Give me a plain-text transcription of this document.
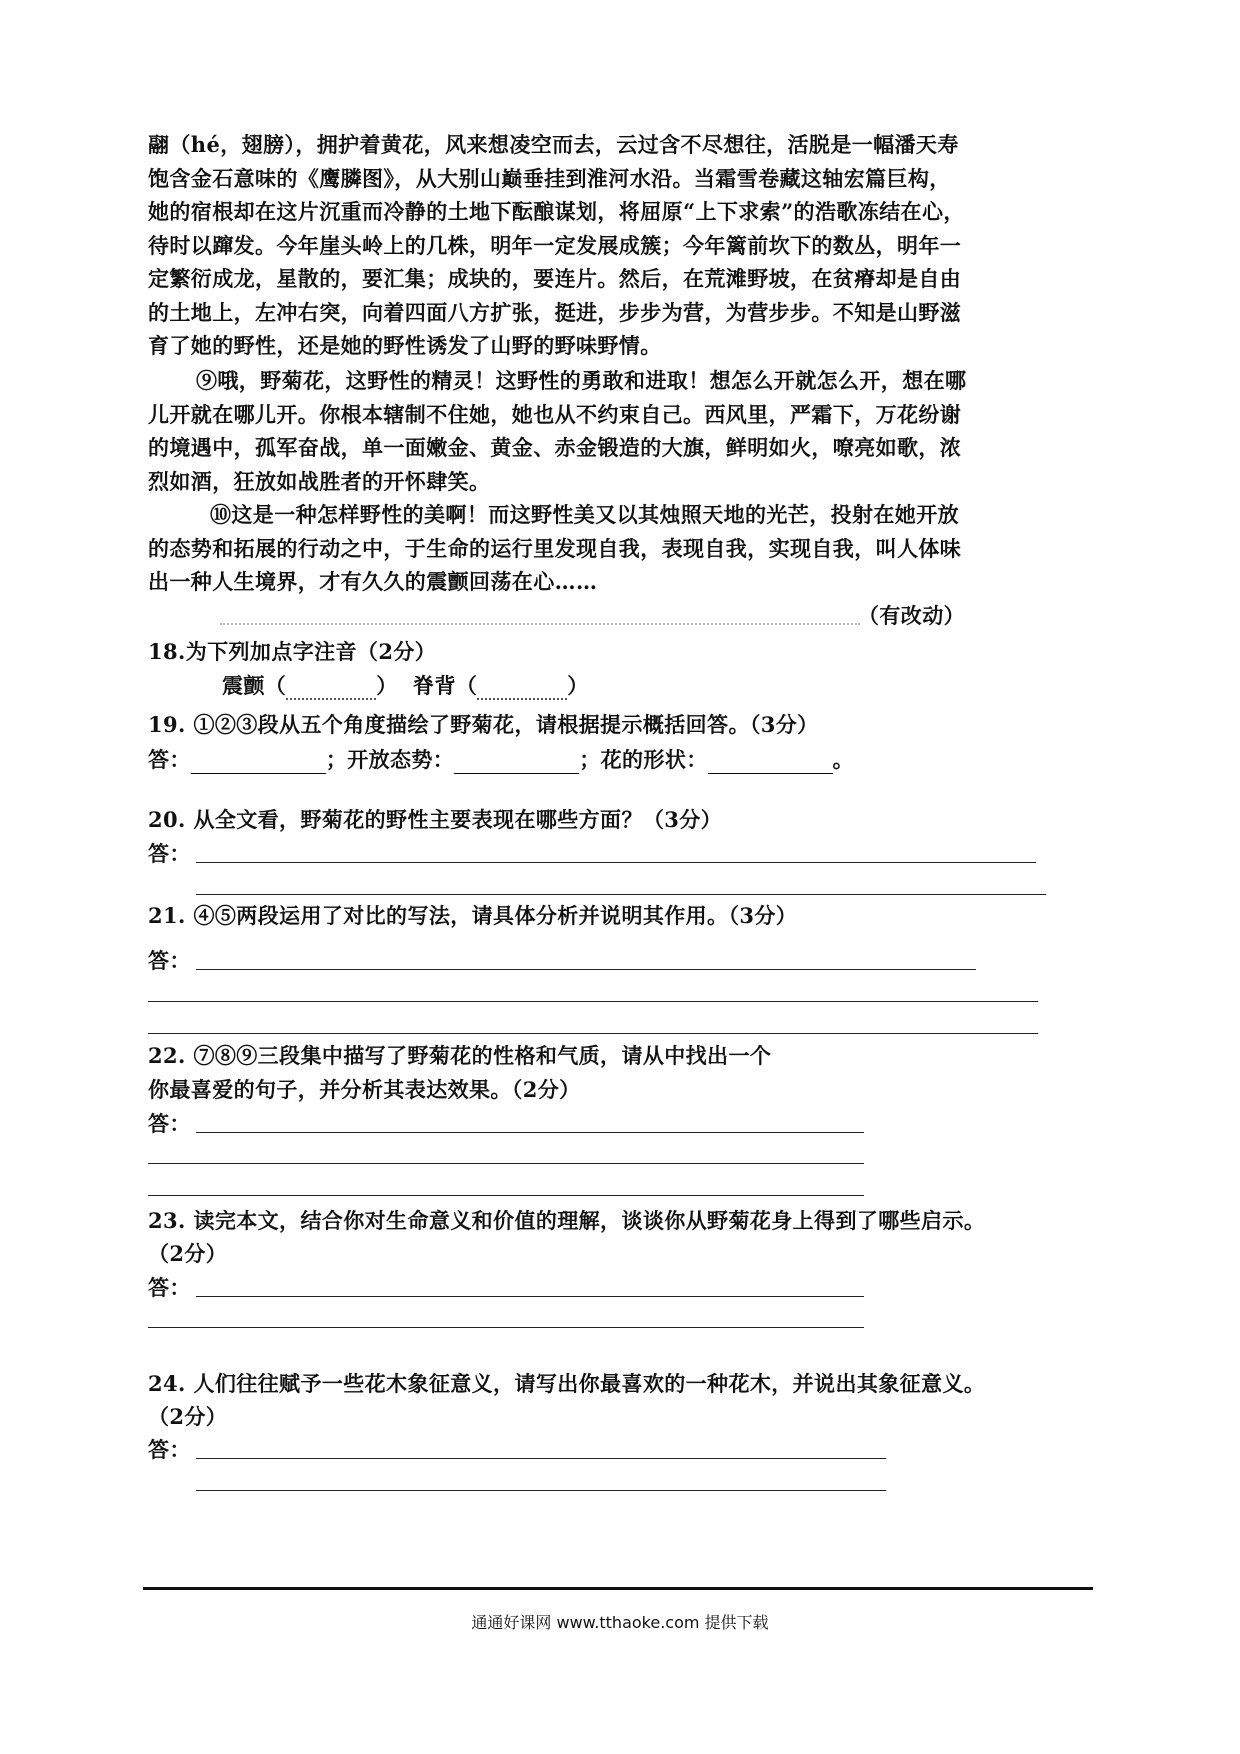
翮（hé，翅膀），拥护着黄花，风来想凌空而去，云过含不尽想往，活脱是一幅潘天寿
饱含金石意味的《鹰膦图》，从大别山巅垂挂到淮河水沿。当霜雪卷藏这轴宏篇巨构，
她的宿根却在这片沉重而冷静的土地下酝酿谋划，将屈原“上下求索”的浩歌冻结在心，
待时以蹿发。今年崖头岭上的几株，明年一定发展成簇；今年篱前坎下的数丛，明年一
定繁衍成龙，星散的，要汇集；成块的，要连片。然后，在荒滩野坡，在贫瘠却是自由
的土地上，左冲右突，向着四面八方扩张，挺进，步步为营，为营步步。不知是山野滋
育了她的野性，还是她的野性诱发了山野的野味野情。
⑨哦，野菊花，这野性的精灵！这野性的勇敢和进取！想怎么开就怎么开，想在哪
儿开就在哪儿开。你根本辖制不住她，她也从不约束自己。西风里，严霜下，万花纷谢
的境遇中，孤军奋战，单一面嫩金、黄金、赤金锻造的大旗，鲜明如火，嘹亮如歌，浓
烈如酒，狂放如战胜者的开怀肆笑。
⑩这是一种怎样野性的美啊！而这野性美又以其烛照天地的光芒，投射在她开放
的态势和拓展的行动之中，于生命的运行里发现自我，表现自我，实现自我，叫人体味
出一种人生境界，才有久久的震颤回荡在心……
（有改动）
18.为下列加点字注音（2分）
震颤（	） 脊背（	）
19. ①②③段从五个角度描绘了野菊花，请根据提示概括回答。（3分）
答：	；开放态势：	；花的形状：	。
20. 从全文看，野菊花的野性主要表现在哪些方面？（3分）
答：
21. ④⑤两段运用了对比的写法，请具体分析并说明其作用。（3分）
答：
22. ⑦⑧⑨三段集中描写了野菊花的性格和气质，请从中找出一个
你最喜爱的句子，并分析其表达效果。（2分）
答：
23. 读完本文，结合你对生命意义和价值的理解，谈谈你从野菊花身上得到了哪些启示。
（2分）
答：
24. 人们往往赋予一些花木象征意义，请写出你最喜欢的一种花木，并说出其象征意义。
（2分）
答：
通通好课网 www.tthaoke.com 提供下载
